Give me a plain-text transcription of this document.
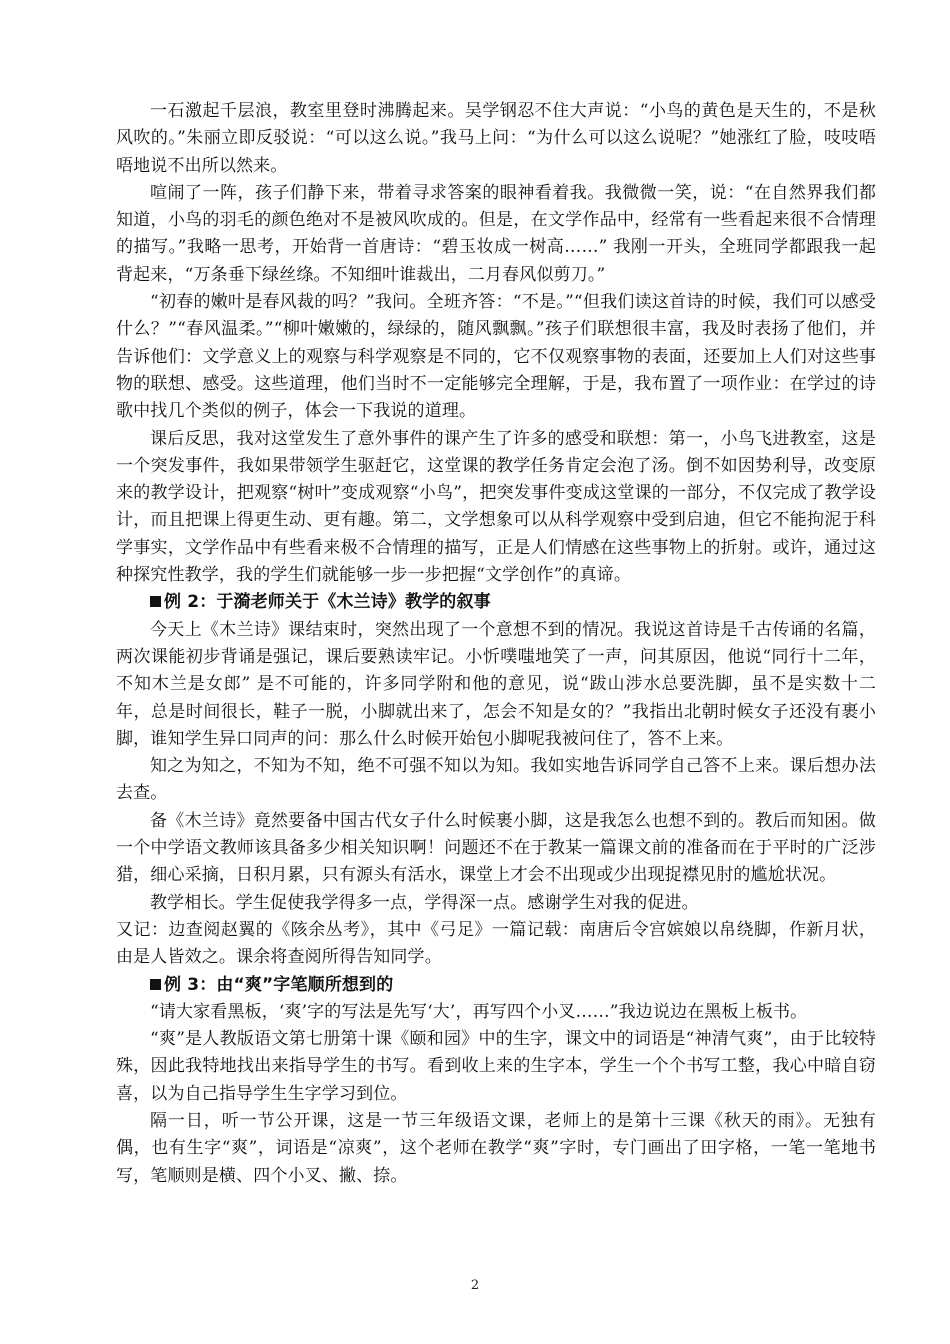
一石激起千层浪，教室里登时沸腾起来。吴学钢忍不住大声说：“小鸟的黄色是天生的，不是秋风吹的。”朱丽立即反驳说：“可以这么说。”我马上问：“为什么可以这么说呢？”她涨红了脸，吱吱唔唔地说不出所以然来。

喧闹了一阵，孩子们静下来，带着寻求答案的眼神看着我。我微微一笑，说：“在自然界我们都知道，小鸟的羽毛的颜色绝对不是被风吹成的。但是，在文学作品中，经常有一些看起来很不合情理的描写。”我略一思考，开始背一首唐诗：“碧玉妆成一树高……” 我刚一开头，全班同学都跟我一起背起来，“万条垂下绿丝绦。不知细叶谁裁出，二月春风似剪刀。”

“初春的嫩叶是春风裁的吗？”我问。全班齐答：“不是。”“但我们读这首诗的时候，我们可以感受什么？”“春风温柔。”“柳叶嫩嫩的，绿绿的，随风飘飘。”孩子们联想很丰富，我及时表扬了他们，并告诉他们：文学意义上的观察与科学观察是不同的，它不仅观察事物的表面，还要加上人们对这些事物的联想、感受。这些道理，他们当时不一定能够完全理解，于是，我布置了一项作业：在学过的诗歌中找几个类似的例子，体会一下我说的道理。

课后反思，我对这堂发生了意外事件的课产生了许多的感受和联想：第一，小鸟飞进教室，这是一个突发事件，我如果带领学生驱赶它，这堂课的教学任务肯定会泡了汤。倒不如因势利导，改变原来的教学设计，把观察“树叶”变成观察“小鸟”，把突发事件变成这堂课的一部分，不仅完成了教学设计，而且把课上得更生动、更有趣。第二，文学想象可以从科学观察中受到启迪，但它不能拘泥于科学事实，文学作品中有些看来极不合情理的描写，正是人们情感在这些事物上的折射。或许，通过这种探究性教学，我的学生们就能够一步一步把握“文学创作”的真谛。

例 2：于漪老师关于《木兰诗》教学的叙事

今天上《木兰诗》课结束时，突然出现了一个意想不到的情况。我说这首诗是千古传诵的名篇，两次课能初步背诵是强记，课后要熟读牢记。小忻噗嗤地笑了一声，问其原因，他说“同行十二年，不知木兰是女郎” 是不可能的，许多同学附和他的意见，说“跋山涉水总要洗脚，虽不是实数十二年，总是时间很长，鞋子一脱，小脚就出来了，怎会不知是女的？”我指出北朝时候女子还没有裹小脚，谁知学生异口同声的问：那么什么时候开始包小脚呢我被问住了，答不上来。

知之为知之，不知为不知，绝不可强不知以为知。我如实地告诉同学自己答不上来。课后想办法去查。

备《木兰诗》竟然要备中国古代女子什么时候裹小脚，这是我怎么也想不到的。教后而知困。做一个中学语文教师该具备多少相关知识啊！问题还不在于教某一篇课文前的准备而在于平时的广泛涉猎，细心采摘，日积月累，只有源头有活水，课堂上才会不出现或少出现捉襟见肘的尴尬状况。

教学相长。学生促使我学得多一点，学得深一点。感谢学生对我的促进。

又记：边查阅赵翼的《陔余丛考》，其中《弓足》一篇记载：南唐后令宫嫔娘以帛绕脚，作新月状，由是人皆效之。课余将查阅所得告知同学。

例 3：由“爽”字笔顺所想到的

“请大家看黑板，‘爽’字的写法是先写‘大’，再写四个小叉……”我边说边在黑板上板书。

“爽”是人教版语文第七册第十课《颐和园》中的生字，课文中的词语是“神清气爽”，由于比较特殊，因此我特地找出来指导学生的书写。看到收上来的生字本，学生一个个书写工整，我心中暗自窃喜，以为自己指导学生生字学习到位。

隔一日，听一节公开课，这是一节三年级语文课，老师上的是第十三课《秋天的雨》。无独有偶，也有生字“爽”，词语是“凉爽”，这个老师在教学“爽”字时，专门画出了田字格，一笔一笔地书写，笔顺则是横、四个小叉、撇、捺。

2
